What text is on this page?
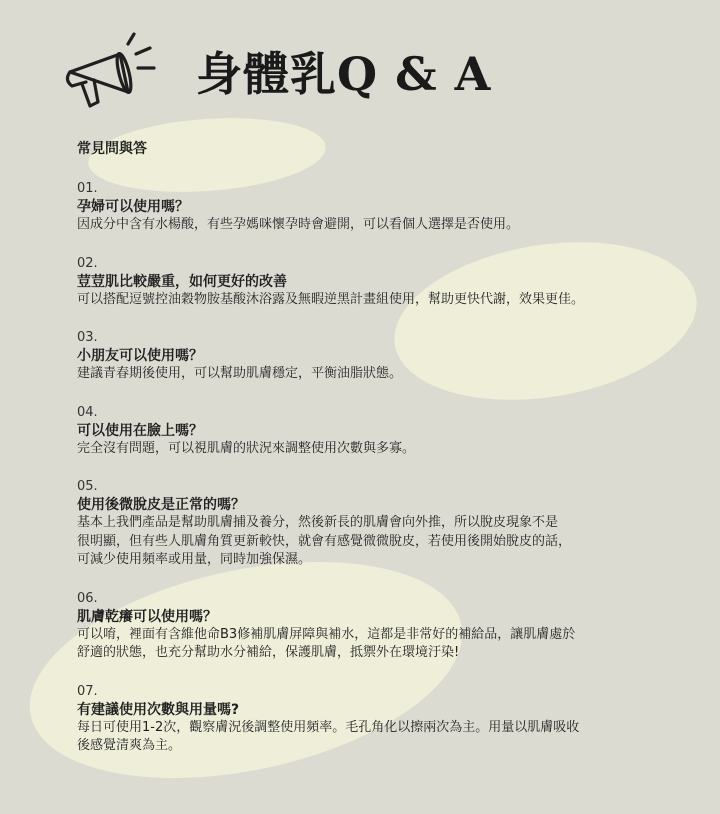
身體乳Q & A
常見問與答
01.
孕婦可以使用嗎？
因成分中含有水楊酸，有些孕媽咪懷孕時會避開，可以看個人選擇是否使用。
02.
荳荳肌比較嚴重，如何更好的改善
可以搭配逗號控油穀物胺基酸沐浴露及無暇逆黑計畫組使用，幫助更快代謝，效果更佳。
03.
小朋友可以使用嗎？
建議青春期後使用，可以幫助肌膚穩定，平衡油脂狀態。
04.
可以使用在臉上嗎？
完全沒有問題，可以視肌膚的狀況來調整使用次數與多寡。
05.
使用後微脫皮是正常的嗎？
基本上我們產品是幫助肌膚捕及養分，然後新長的肌膚會向外推，所以脫皮現象不是
很明顯，但有些人肌膚角質更新較快，就會有感覺微微脫皮，若使用後開始脫皮的話，
可減少使用頻率或用量，同時加強保濕。
06.
肌膚乾癢可以使用嗎？
可以唷，裡面有含維他命B3修補肌膚屏障與補水，這都是非常好的補給品，讓肌膚處於
舒適的狀態，也充分幫助水分補給，保護肌膚，抵禦外在環境汙染!
07.
有建議使用次數與用量嗎?
每日可使用1-2次，觀察膚況後調整使用頻率。毛孔角化以擦兩次為主。用量以肌膚吸收
後感覺清爽為主。
